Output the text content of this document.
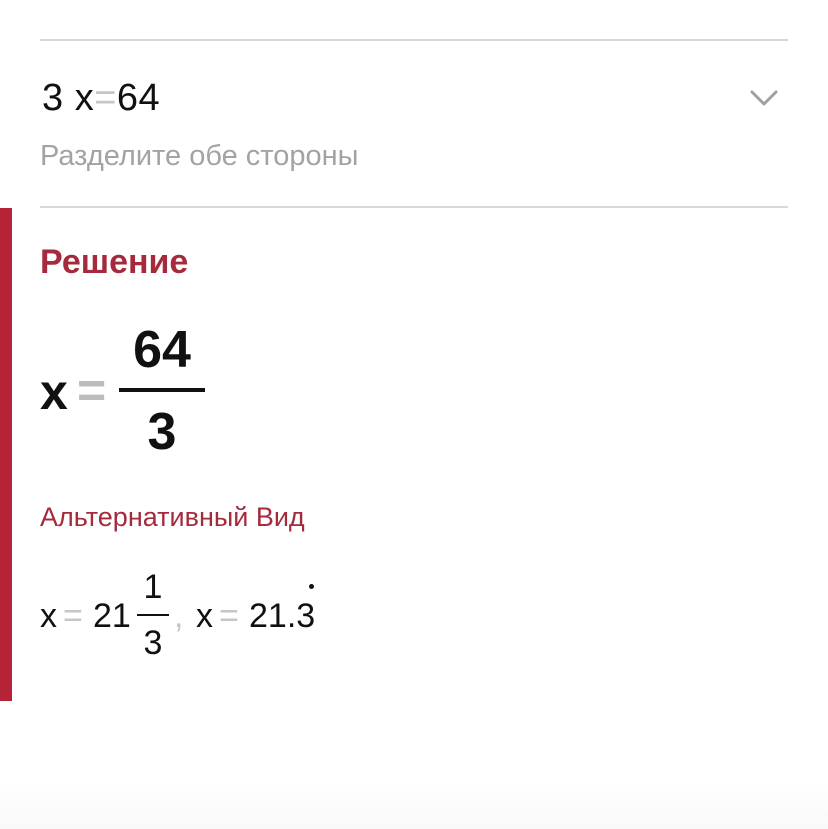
3 x=64
Разделите обе стороны
Решение
x =
64
3
Альтернативный Вид
x = 21
1
3
, x = 21.3
